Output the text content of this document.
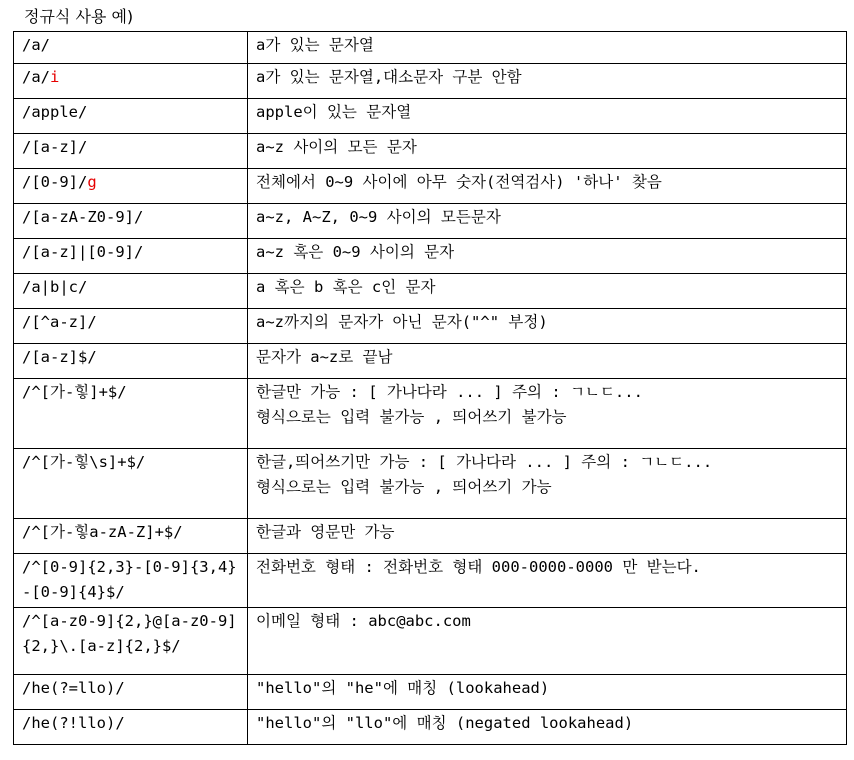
정규식 사용 예)
/a/	a가 있는 문자열

/a/i	a가 있는 문자열,대소문자 구분 안함

/apple/	apple이 있는 문자열

/[a-z]/	a~z 사이의 모든 문자

/[0-9]/g	전체에서 0~9 사이에 아무 숫자(전역검사) '하나' 찾음

/[a-zA-Z0-9]/	a~z, A~Z, 0~9 사이의 모든문자

/[a-z]|[0-9]/	a~z 혹은 0~9 사이의 문자

/a|b|c/	a 혹은 b 혹은 c인 문자

/[^a-z]/	a~z까지의 문자가 아닌 문자("^" 부정)

/[a-z]$/	문자가 a~z로 끝남

/^[가-힣]+$/	한글만 가능 : [ 가나다라 ... ] 주의 : ㄱㄴㄷ...
형식으로는 입력 불가능 , 띄어쓰기 불가능

/^[가-힣\s]+$/	한글,띄어쓰기만 가능 : [ 가나다라 ... ] 주의 : ㄱㄴㄷ...
형식으로는 입력 불가능 , 띄어쓰기 가능

/^[가-힣a-zA-Z]+$/	한글과 영문만 가능

/^[0-9]{2,3}-[0-9]{3,4}-[0-9]{4}$/	전화번호 형태 : 전화번호 형태 000-0000-0000 만 받는다.

/^[a-z0-9]{2,}@[a-z0-9]{2,}\.[a-z]{2,}$/	이메일 형태 : abc@abc.com

/he(?=llo)/	"hello"의 "he"에 매칭 (lookahead)

/he(?!llo)/	"hello"의 "llo"에 매칭 (negated lookahead)
